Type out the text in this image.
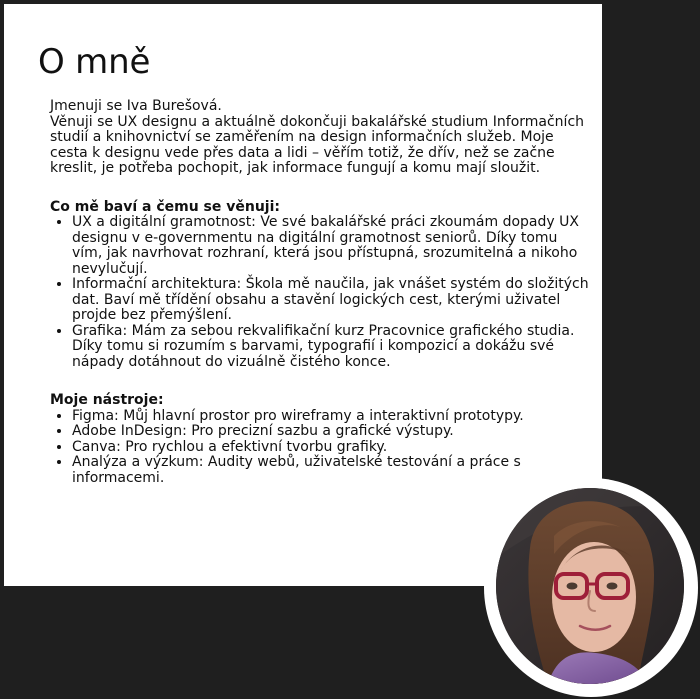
O mně

Jmenuji se Iva Burešová.

Věnuji se UX designu a aktuálně dokončuji bakalářské studium Informačních studií a knihovnictví se zaměřením na design informačních služeb. Moje cesta k designu vede přes data a lidi – věřím totiž, že dřív, než se začne kreslit, je potřeba pochopit, jak informace fungují a komu mají sloužit.

Co mě baví a čemu se věnuji:

• UX a digitální gramotnost: Ve své bakalářské práci zkoumám dopady UX designu v e-governmentu na digitální gramotnost seniorů. Díky tomu vím, jak navrhovat rozhraní, která jsou přístupná, srozumitelná a nikoho nevylučují.
• Informační architektura: Škola mě naučila, jak vnášet systém do složitých dat. Baví mě třídění obsahu a stavění logických cest, kterými uživatel projde bez přemýšlení.
• Grafika: Mám za sebou rekvalifikační kurz Pracovnice grafického studia. Díky tomu si rozumím s barvami, typografií i kompozicí a dokážu své nápady dotáhnout do vizuálně čistého konce.

Moje nástroje:

• Figma: Můj hlavní prostor pro wireframy a interaktivní prototypy.
• Adobe InDesign: Pro precizní sazbu a grafické výstupy.
• Canva: Pro rychlou a efektivní tvorbu grafiky.
• Analýza a výzkum: Audity webů, uživatelské testování a práce s informacemi.
